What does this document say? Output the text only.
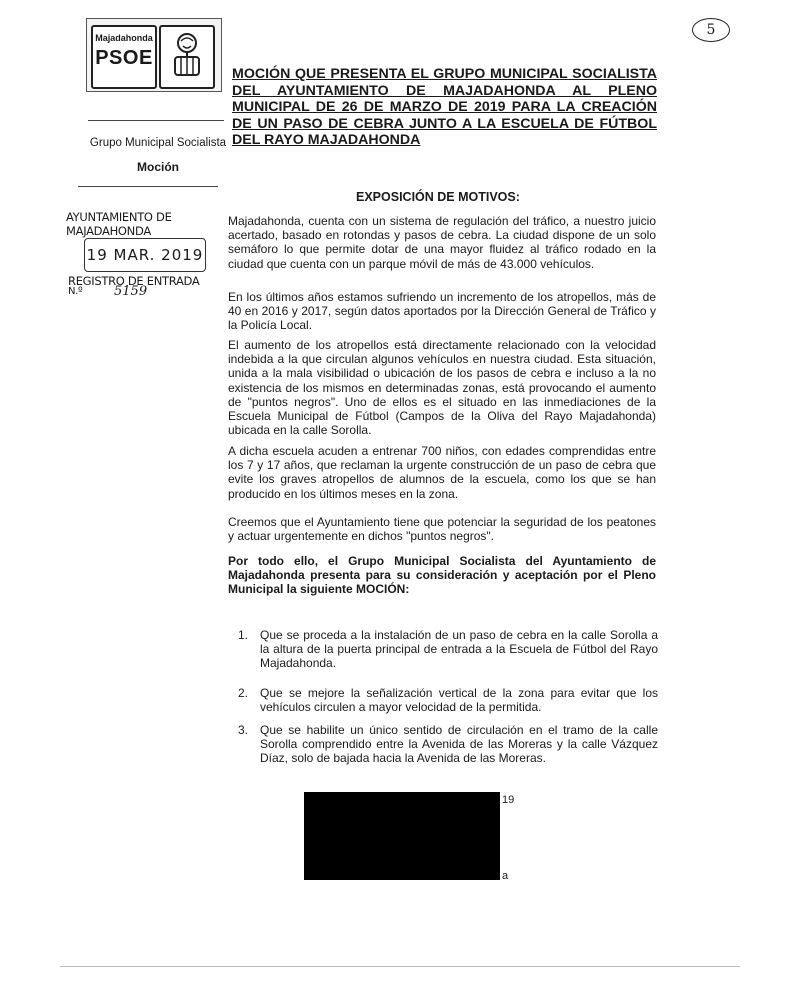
5
Majadahonda
PSOE
MOCIÓN QUE PRESENTA EL GRUPO MUNICIPAL SOCIALISTA DEL AYUNTAMIENTO DE MAJADAHONDA AL PLENO MUNICIPAL DE 26 DE MARZO DE 2019 PARA LA CREACIÓN DE UN PASO DE CEBRA JUNTO A LA ESCUELA DE FÚTBOL DEL RAYO MAJADAHONDA
Grupo Municipal Socialista
Moción
EXPOSICIÓN DE MOTIVOS:
AYUNTAMIENTO DE MAJADAHONDA
19 MAR. 2019
REGISTRO DE ENTRADA
N.º 5159
Majadahonda, cuenta con un sistema de regulación del tráfico, a nuestro juicio acertado, basado en rotondas y pasos de cebra. La ciudad dispone de un solo semáforo lo que permite dotar de una mayor fluidez al tráfico rodado en la ciudad que cuenta con un parque móvil de más de 43.000 vehículos.
En los últimos años estamos sufriendo un incremento de los atropellos, más de 40 en 2016 y 2017, según datos aportados por la Dirección General de Tráfico y la Policía Local.
El aumento de los atropellos está directamente relacionado con la velocidad indebida a la que circulan algunos vehículos en nuestra ciudad. Esta situación, unida a la mala visibilidad o ubicación de los pasos de cebra e incluso a la no existencia de los mismos en determinadas zonas, está provocando el aumento de "puntos negros". Uno de ellos es el situado en las inmediaciones de la Escuela Municipal de Fútbol (Campos de la Oliva del Rayo Majadahonda) ubicada en la calle Sorolla.
A dicha escuela acuden a entrenar 700 niños, con edades comprendidas entre los 7 y 17 años, que reclaman la urgente construcción de un paso de cebra que evite los graves atropellos de alumnos de la escuela, como los que se han producido en los últimos meses en la zona.
Creemos que el Ayuntamiento tiene que potenciar la seguridad de los peatones y actuar urgentemente en dichos "puntos negros".
Por todo ello, el Grupo Municipal Socialista del Ayuntamiento de Majadahonda presenta para su consideración y aceptación por el Pleno Municipal la siguiente MOCIÓN:
1. Que se proceda a la instalación de un paso de cebra en la calle Sorolla a la altura de la puerta principal de entrada a la Escuela de Fútbol del Rayo Majadahonda.
2. Que se mejore la señalización vertical de la zona para evitar que los vehículos circulen a mayor velocidad de la permitida.
3. Que se habilite un único sentido de circulación en el tramo de la calle Sorolla comprendido entre la Avenida de las Moreras y la calle Vázquez Díaz, solo de bajada hacia la Avenida de las Moreras.
19
a
